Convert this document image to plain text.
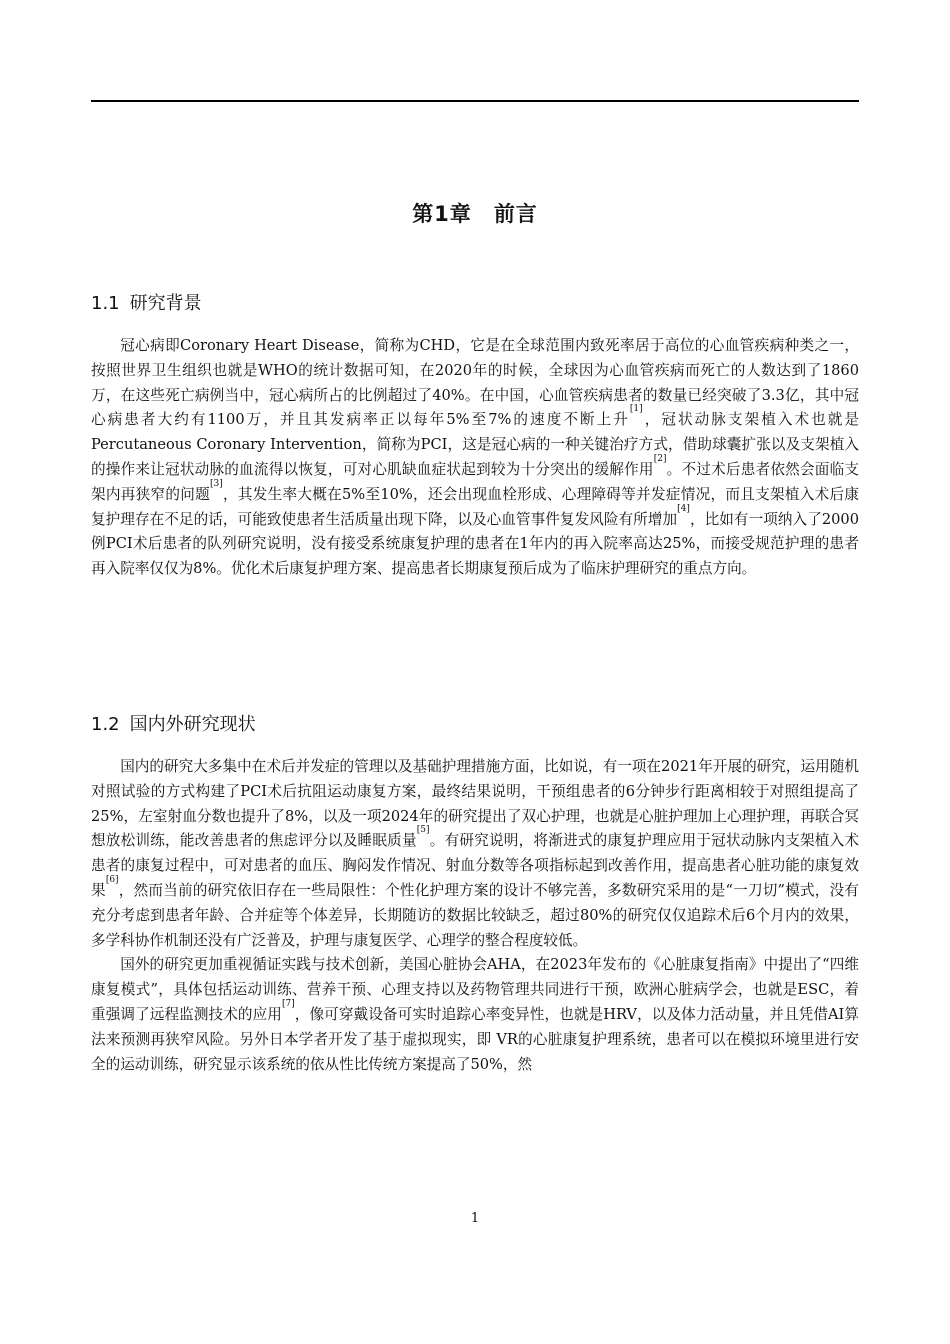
第1章 前言
1.1 研究背景

冠心病即Coronary Heart Disease，简称为CHD，它是在全球范围内致死率居于高位的心血管疾病种类之一，按照世界卫生组织也就是WHO的统计数据可知，在2020年的时候，全球因为心血管疾病而死亡的人数达到了1860万，在这些死亡病例当中，冠心病所占的比例超过了40%。在中国，心血管疾病患者的数量已经突破了3.3亿，其中冠心病患者大约有1100万，并且其发病率正以每年5%至7%的速度不断上升[1]，冠状动脉支架植入术也就是Percutaneous Coronary Intervention，简称为PCI，这是冠心病的一种关键治疗方式，借助球囊扩张以及支架植入的操作来让冠状动脉的血流得以恢复，可对心肌缺血症状起到较为十分突出的缓解作用[2]。不过术后患者依然会面临支架内再狭窄的问题[3]，其发生率大概在5%至10%，还会出现血栓形成、心理障碍等并发症情况，而且支架植入术后康复护理存在不足的话，可能致使患者生活质量出现下降，以及心血管事件复发风险有所增加[4]，比如有一项纳入了2000例PCI术后患者的队列研究说明，没有接受系统康复护理的患者在1年内的再入院率高达25%，而接受规范护理的患者再入院率仅仅为8%。优化术后康复护理方案、提高患者长期康复预后成为了临床护理研究的重点方向。

1.2 国内外研究现状

国内的研究大多集中在术后并发症的管理以及基础护理措施方面，比如说，有一项在2021年开展的研究，运用随机对照试验的方式构建了PCI术后抗阻运动康复方案，最终结果说明，干预组患者的6分钟步行距离相较于对照组提高了25%，左室射血分数也提升了8%，以及一项2024年的研究提出了双心护理，也就是心脏护理加上心理护理，再联合冥想放松训练，能改善患者的焦虑评分以及睡眠质量[5]。有研究说明，将渐进式的康复护理应用于冠状动脉内支架植入术患者的康复过程中，可对患者的血压、胸闷发作情况、射血分数等各项指标起到改善作用，提高患者心脏功能的康复效果[6]，然而当前的研究依旧存在一些局限性：个性化护理方案的设计不够完善，多数研究采用的是“一刀切”模式，没有充分考虑到患者年龄、合并症等个体差异，长期随访的数据比较缺乏，超过80%的研究仅仅追踪术后6个月内的效果，多学科协作机制还没有广泛普及，护理与康复医学、心理学的整合程度较低。

国外的研究更加重视循证实践与技术创新，美国心脏协会AHA，在2023年发布的《心脏康复指南》中提出了“四维康复模式”，具体包括运动训练、营养干预、心理支持以及药物管理共同进行干预，欧洲心脏病学会，也就是ESC，着重强调了远程监测技术的应用[7]，像可穿戴设备可实时追踪心率变异性，也就是HRV，以及体力活动量，并且凭借AI算法来预测再狭窄风险。另外日本学者开发了基于虚拟现实，即 VR的心脏康复护理系统，患者可以在模拟环境里进行安全的运动训练，研究显示该系统的依从性比传统方案提高了50%，然

1
